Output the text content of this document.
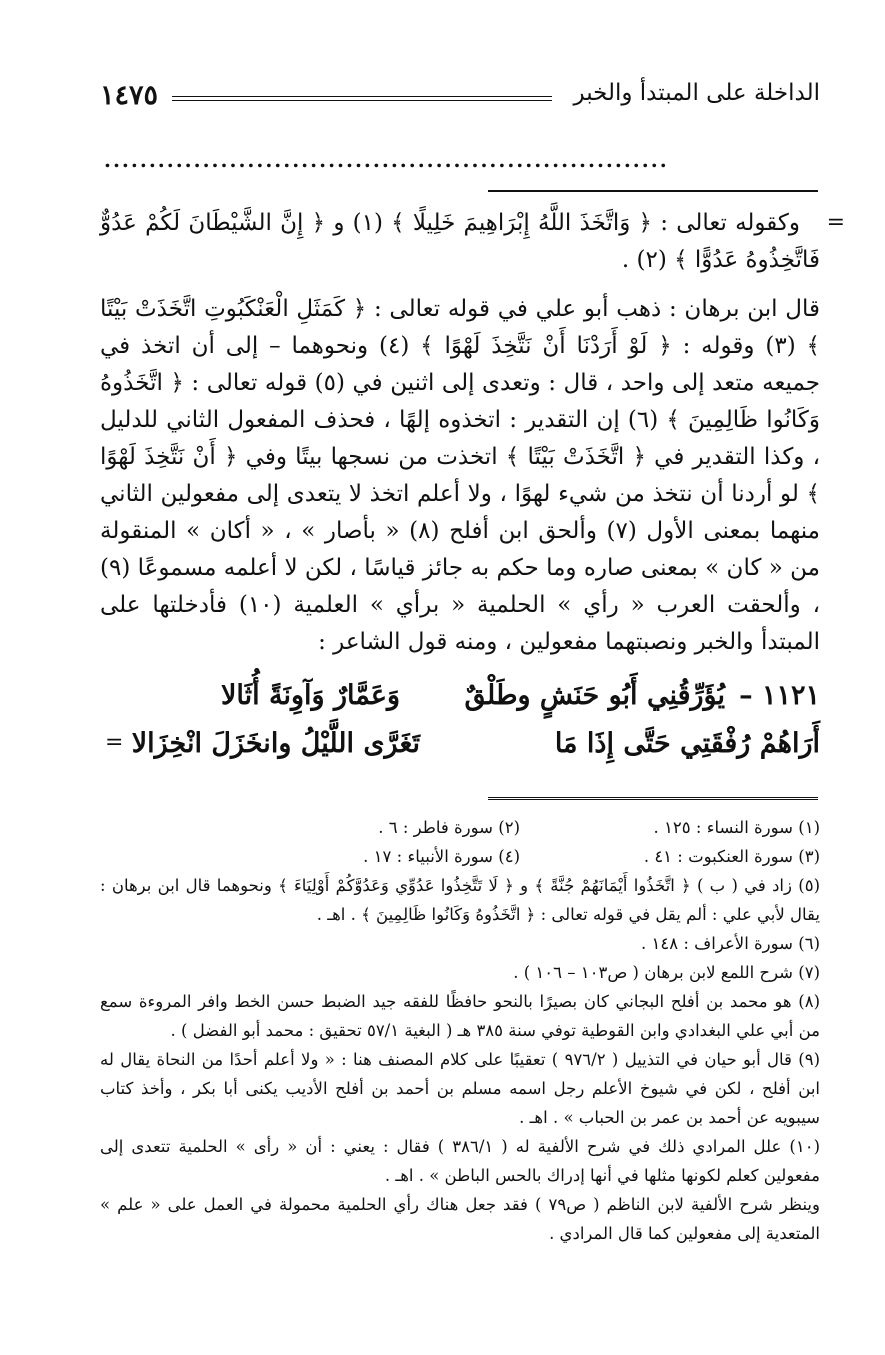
الداخلة على المبتدأ والخبر
١٤٧٥
...............................................................
=

وكقوله تعالى : ﴿ وَاتَّخَذَ اللَّهُ إِبْرَاهِيمَ خَلِيلًا ﴾ (١) و ﴿ إِنَّ الشَّيْطَانَ لَكُمْ عَدُوٌّ فَاتَّخِذُوهُ عَدُوًّا ﴾ (٢) .

قال ابن برهان : ذهب أبو علي في قوله تعالى : ﴿ كَمَثَلِ الْعَنْكَبُوتِ اتَّخَذَتْ بَيْتًا ﴾ (٣) وقوله : ﴿ لَوْ أَرَدْنَا أَنْ نَتَّخِذَ لَهْوًا ﴾ (٤) ونحوهما – إلى أن اتخذ في جميعه متعد إلى واحد ، قال : وتعدى إلى اثنين في (٥) قوله تعالى : ﴿ اتَّخَذُوهُ وَكَانُوا ظَالِمِينَ ﴾ (٦) إن التقدير : اتخذوه إلهًا ، فحذف المفعول الثاني للدليل ، وكذا التقدير في ﴿ اتَّخَذَتْ بَيْتًا ﴾ اتخذت من نسجها بيتًا وفي ﴿ أَنْ نَتَّخِذَ لَهْوًا ﴾ لو أردنا أن نتخذ من شيء لهوًا ، ولا أعلم اتخذ لا يتعدى إلى مفعولين الثاني منهما بمعنى الأول (٧) وألحق ابن أفلح (٨) « بأصار » ، « أكان » المنقولة من « كان » بمعنى صاره وما حكم به جائز قياسًا ، لكن لا أعلمه مسموعًا (٩) ، وألحقت العرب « رأي » الحلمية « برأي » العلمية (١٠) فأدخلتها على المبتدأ والخبر ونصبتهما مفعولين ، ومنه قول الشاعر :

١١٢١ –
يُؤَرِّقُنِي أَبُو حَنَشٍ وطَلْقٌ
وَعَمَّارٌ وَآوِنَةً أُثَالا
أَرَاهُمْ رُفْقَتِي حَتَّى إِذَا مَا
تَغَرَّى اللَّيْلُ وانخَزَلَ انْخِزَالا
=
(١) سورة النساء : ١٢٥ .
(٢) سورة فاطر : ٦ .
(٣) سورة العنكبوت : ٤١ .
(٤) سورة الأنبياء : ١٧ .

(٥) زاد في ( ب ) ﴿ اتَّخَذُوا أَيْمَانَهُمْ جُنَّةً ﴾ و ﴿ لَا تَتَّخِذُوا عَدُوِّي وَعَدُوَّكُمْ أَوْلِيَاءَ ﴾ ونحوهما قال ابن برهان : يقال لأبي علي : ألم يقل في قوله تعالى : ﴿ اتَّخَذُوهُ وَكَانُوا ظَالِمِينَ ﴾ . اهـ .

(٦) سورة الأعراف : ١٤٨ .

(٧) شرح اللمع لابن برهان ( ص١٠٣ – ١٠٦ ) .

(٨) هو محمد بن أفلح البجاني كان بصيرًا بالنحو حافظًا للفقه جيد الضبط حسن الخط وافر المروءة سمع من أبي علي البغدادي وابن القوطية توفي سنة ٣٨٥ هـ ( البغية ٥٧/١ تحقيق : محمد أبو الفضل ) .

(٩) قال أبو حيان في التذييل ( ٩٧٦/٢ ) تعقيبًا على كلام المصنف هنا : « ولا أعلم أحدًا من النحاة يقال له ابن أفلح ، لكن في شيوخ الأعلم رجل اسمه مسلم بن أحمد بن أفلح الأديب يكنى أبا بكر ، وأخذ كتاب سيبويه عن أحمد بن عمر بن الحباب » . اهـ .

(١٠) علل المرادي ذلك في شرح الألفية له ( ٣٨٦/١ ) فقال : يعني : أن « رأى » الحلمية تتعدى إلى مفعولين كعلم لكونها مثلها في أنها إدراك بالحس الباطن » . اهـ .

وينظر شرح الألفية لابن الناظم ( ص٧٩ ) فقد جعل هناك رأي الحلمية محمولة في العمل على « علم » المتعدية إلى مفعولين كما قال المرادي .
